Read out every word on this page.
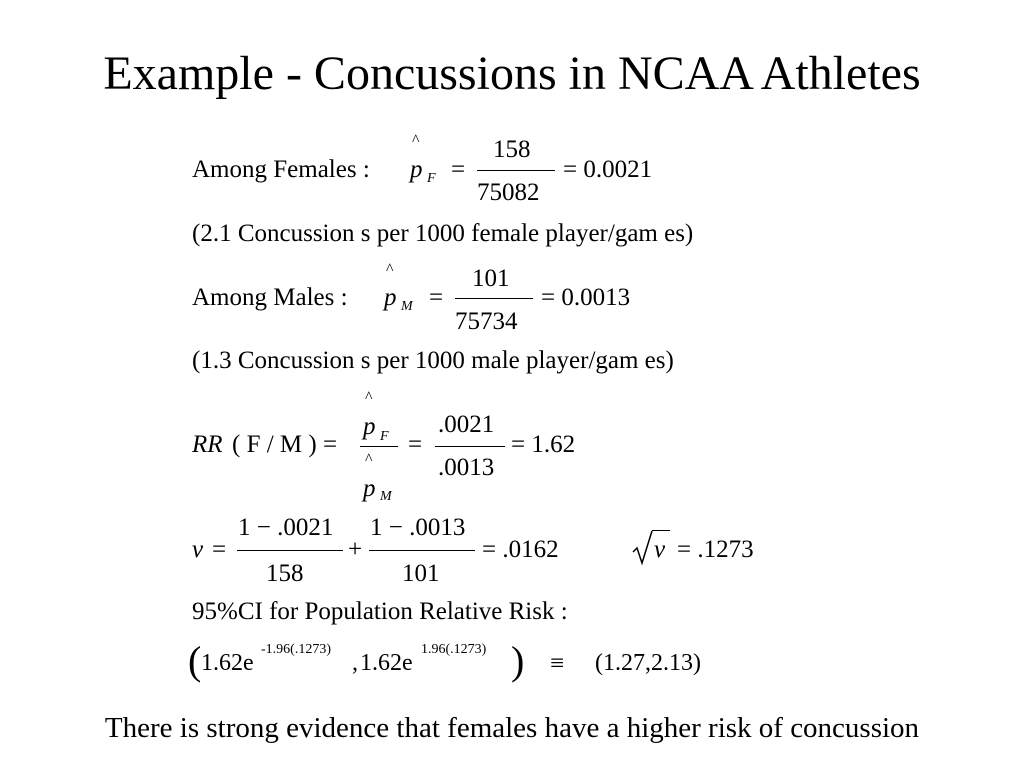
Example - Concussions in NCAA Athletes
Among Females :
^
p F =
158
75082
= 0.0021
(2.1 Concussion s per 1000 female player/gam es)
Among Males :
^
p M =
101
75734
= 0.0013
(1.3 Concussion s per 1000 male player/gam es)
RR ( F / M ) =
^
p F
^
p M
=
.0021
.0013
= 1.62
v =
1 − .0021
158
+
1 − .0013
101
= .0162	v = .1273
95%CI for Population Relative Risk :
( 1.62e
-1.96(.1273)
, 1.62e
1.96(.1273) ) ≡ (1.27,2.13)
There is strong evidence that females have a higher risk of concussion
